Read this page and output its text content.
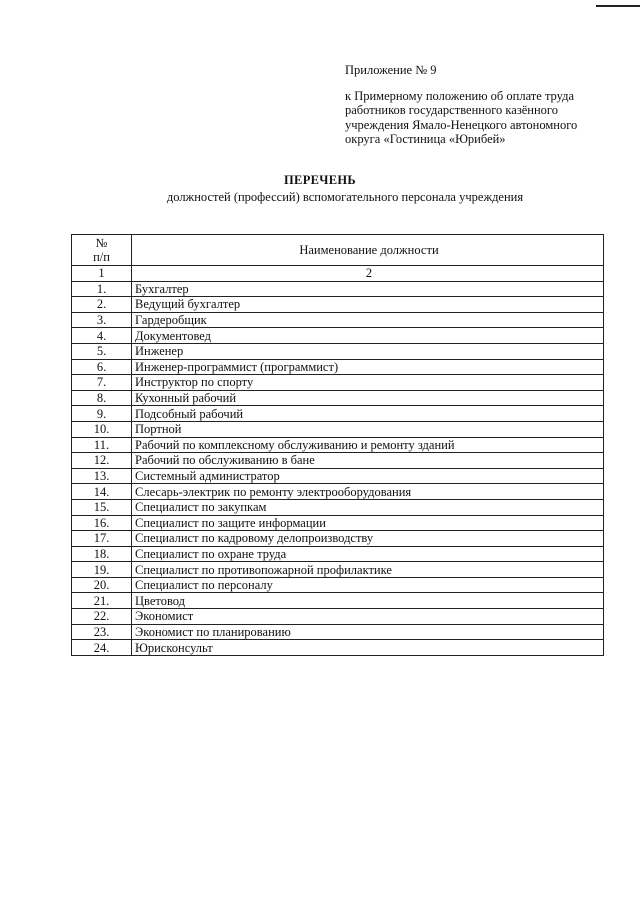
Приложение № 9
к Примерному положению об оплате труда
работников государственного казённого
учреждения Ямало-Ненецкого автономного
округа «Гостиница «Юрибей»
ПЕРЕЧЕНЬ
должностей (профессий) вспомогательного персонала учреждения
№
п/п	Наименование должности
1	2
1.	Бухгалтер
2.	Ведущий бухгалтер
3.	Гардеробщик
4.	Документовед
5.	Инженер
6.	Инженер-программист (программист)
7.	Инструктор по спорту
8.	Кухонный рабочий
9.	Подсобный рабочий
10.	Портной
11.	Рабочий по комплексному обслуживанию и ремонту зданий
12.	Рабочий по обслуживанию в бане
13.	Системный администратор
14.	Слесарь-электрик по ремонту электрооборудования
15.	Специалист по закупкам
16.	Специалист по защите информации
17.	Специалист по кадровому делопроизводству
18.	Специалист по охране труда
19.	Специалист по противопожарной профилактике
20.	Специалист по персоналу
21.	Цветовод
22.	Экономист
23.	Экономист по планированию
24.	Юрисконсульт
